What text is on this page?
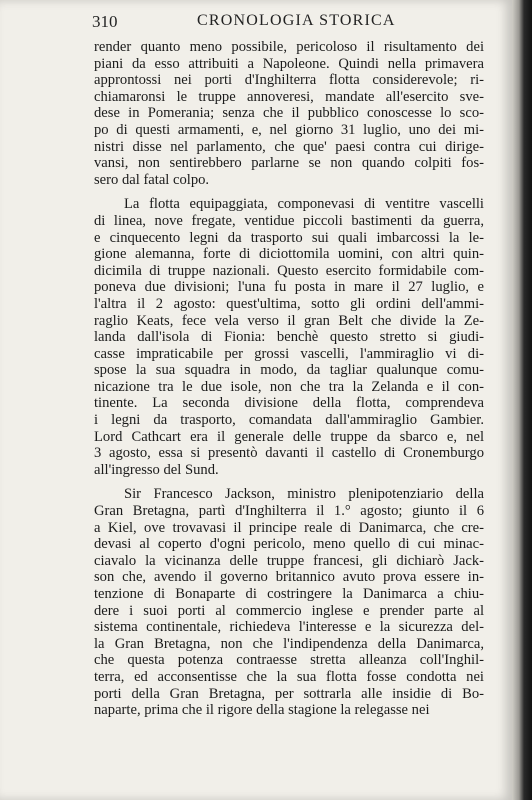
310	CRONOLOGIA STORICA
render quanto meno possibile, pericoloso il risultamento dei
piani da esso attribuiti a Napoleone. Quindi nella primavera
approntossi nei porti d'Inghilterra flotta considerevole; ri-
chiamaronsi le truppe annoveresi, mandate all'esercito sve-
dese in Pomerania; senza che il pubblico conoscesse lo sco-
po di questi armamenti, e, nel giorno 31 luglio, uno dei mi-
nistri disse nel parlamento, che que' paesi contra cui dirige-
vansi, non sentirebbero parlarne se non quando colpiti fos-
sero dal fatal colpo.
La flotta equipaggiata, componevasi di ventitre vascelli
di linea, nove fregate, ventidue piccoli bastimenti da guerra,
e cinquecento legni da trasporto sui quali imbarcossi la le-
gione alemanna, forte di diciottomila uomini, con altri quin-
dicimila di truppe nazionali. Questo esercito formidabile com-
poneva due divisioni; l'una fu posta in mare il 27 luglio, e
l'altra il 2 agosto: quest'ultima, sotto gli ordini dell'ammi-
raglio Keats, fece vela verso il gran Belt che divide la Ze-
landa dall'isola di Fionia: benchè questo stretto si giudi-
casse impraticabile per grossi vascelli, l'ammiraglio vi di-
spose la sua squadra in modo, da tagliar qualunque comu-
nicazione tra le due isole, non che tra la Zelanda e il con-
tinente. La seconda divisione della flotta, comprendeva
i legni da trasporto, comandata dall'ammiraglio Gambier.
Lord Cathcart era il generale delle truppe da sbarco e, nel
3 agosto, essa si presentò davanti il castello di Cronemburgo
all'ingresso del Sund.
Sir Francesco Jackson, ministro plenipotenziario della
Gran Bretagna, partì d'Inghilterra il 1.° agosto; giunto il 6
a Kiel, ove trovavasi il principe reale di Danimarca, che cre-
devasi al coperto d'ogni pericolo, meno quello di cui minac-
ciavalo la vicinanza delle truppe francesi, gli dichiarò Jack-
son che, avendo il governo britannico avuto prova essere in-
tenzione di Bonaparte di costringere la Danimarca a chiu-
dere i suoi porti al commercio inglese e prender parte al
sistema continentale, richiedeva l'interesse e la sicurezza del-
la Gran Bretagna, non che l'indipendenza della Danimarca,
che questa potenza contraesse stretta alleanza coll'Inghil-
terra, ed acconsentisse che la sua flotta fosse condotta nei
porti della Gran Bretagna, per sottrarla alle insidie di Bo-
naparte, prima che il rigore della stagione la relegasse nei
